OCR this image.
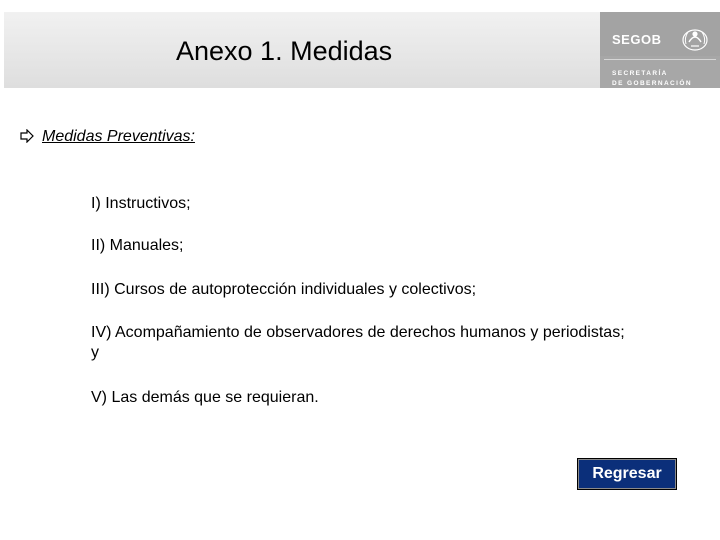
Anexo 1. Medidas	SEGOB
SECRETARÍA
DE GOBERNACIÓN
Medidas Preventivas:
I) Instructivos;
II) Manuales;
III) Cursos de autoprotección individuales y colectivos;
IV) Acompañamiento de observadores de derechos humanos y periodistas; y
V) Las demás que se requieran.
Regresar
